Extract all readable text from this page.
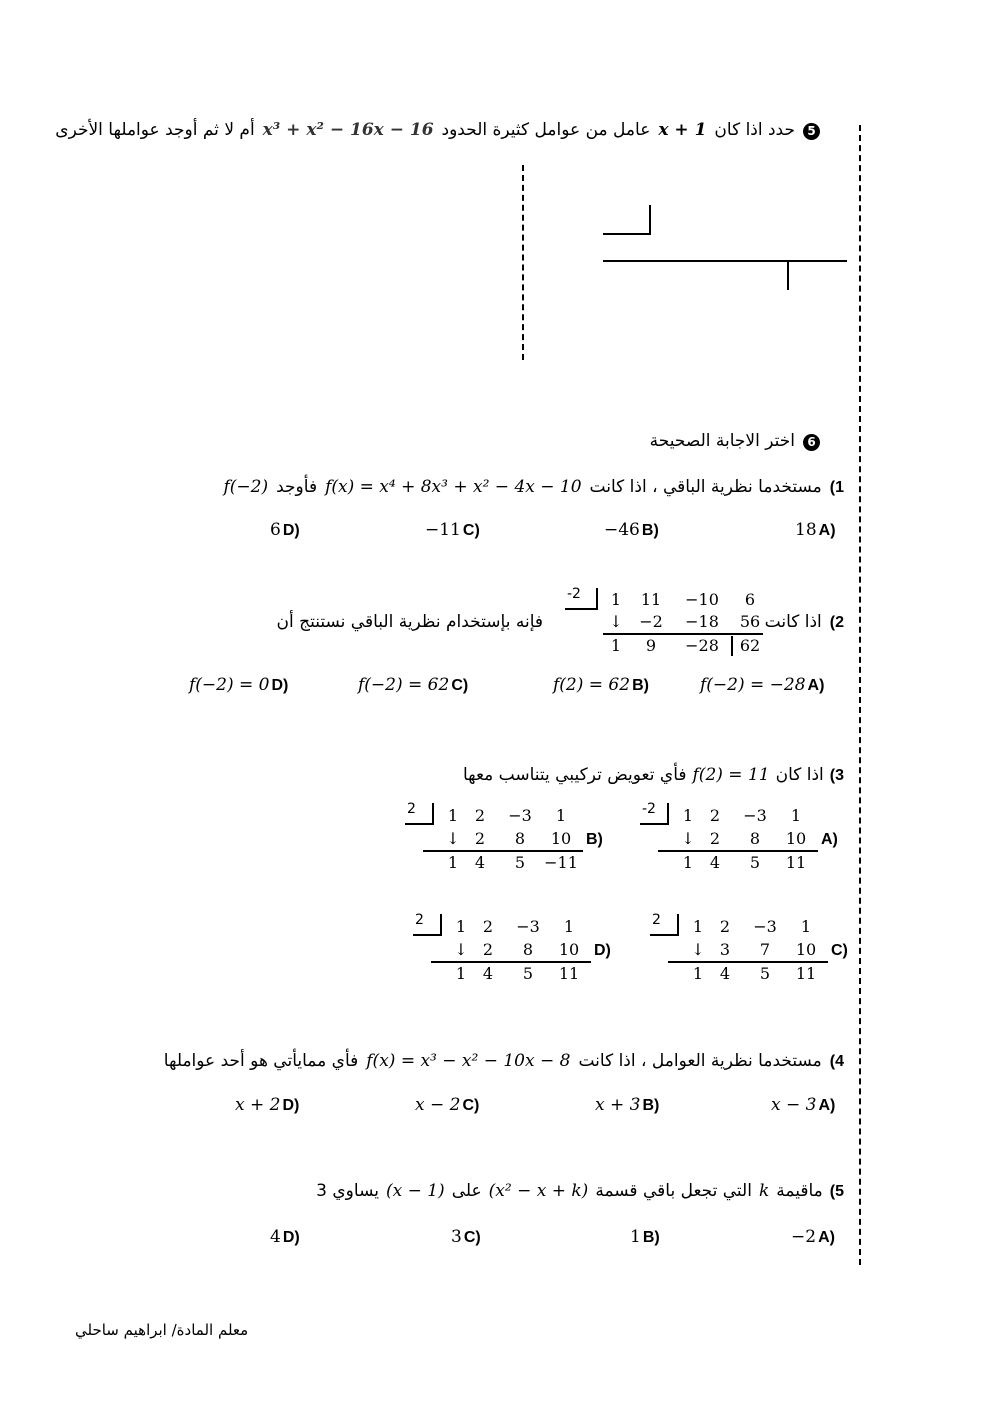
5
حدد اذا كان
x + 1
عامل من عوامل كثيرة الحدود
x³ + x² − 16x − 16
أم لا ثم أوجد عواملها الأخرى
6
اختر الاجابة الصحيحة
1)
مستخدما نظرية الباقي ، اذا كانت
f(x) = x⁴ + 8x³ + x² − 4x − 10
فأوجد
f(−2)
18 A)
−46 B)
−11 C)
6 D)
2)
اذا كانت
فإنه بإستخدام نظرية الباقي نستنتج أن
-2	1	11	−10	6
↓	−2	−18	56
1	9	−28	62
f(−2) = −28 A)
f(2) = 62 B)
f(−2) = 62 C)
f(−2) = 0 D)
3)
اذا كان
f(2) = 11
فأي تعويض تركيبي يتناسب معها
-2	1	2	−3	1
↓ 2	8	10
1	4	5	11
A)
2	1	2	−3	1
↓ 2	8	10
1	4	5	−11
B)
2	1	2	−3	1
↓ 3	7	10
1	4	5	11
C)
2	1	2	−3	1
↓ 2	8	10
1	4	5	11
D)
4)
مستخدما نظرية العوامل ، اذا كانت
f(x) = x³ − x² − 10x − 8
فأي ممايأتي هو أحد عواملها
x − 3 A)
x + 3 B)
x − 2 C)
x + 2 D)
5)
ماقيمة
k
التي تجعل باقي قسمة
(x² − x + k)
على
(x − 1)
يساوي 3
−2 A)
1 B)
3 C)
4 D)
معلم المادة/ ابراهيم ساحلي
